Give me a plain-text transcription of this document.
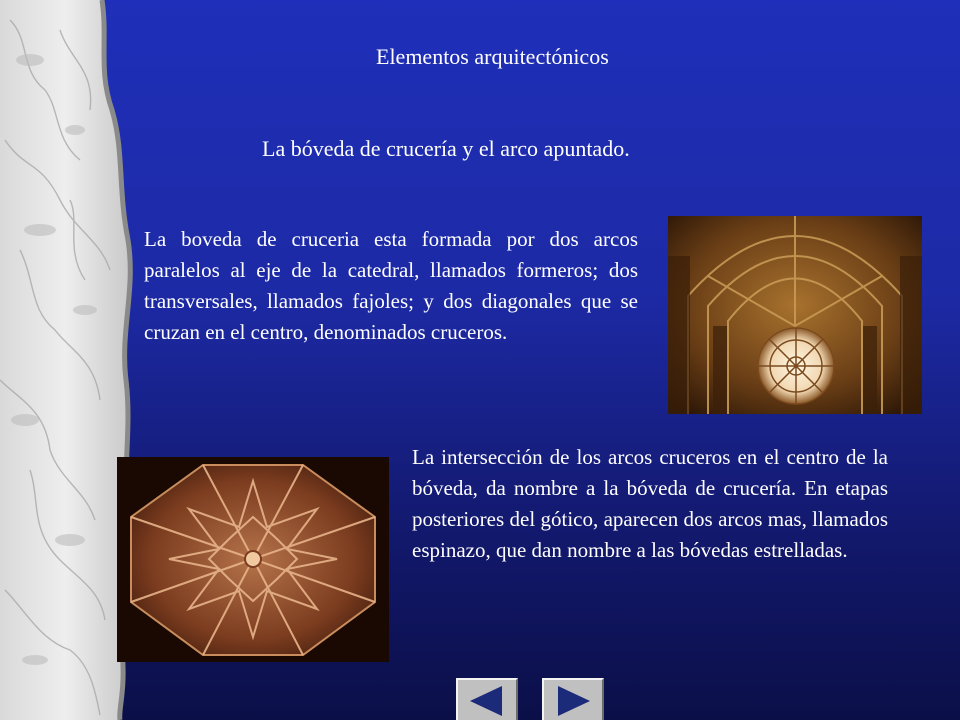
Elementos arquitectónicos
La bóveda de crucería y el arco apuntado.
La boveda de cruceria esta formada por dos arcos paralelos al eje de la catedral, llamados formeros; dos transversales, llamados fajoles; y dos diagonales que se cruzan en el centro, denominados cruceros.
La intersección de los arcos cruceros en el centro de la bóveda, da nombre a la bóveda de crucería. En etapas posteriores del gótico, aparecen dos arcos mas, llamados espinazo, que dan nombre a las bóvedas estrelladas.
